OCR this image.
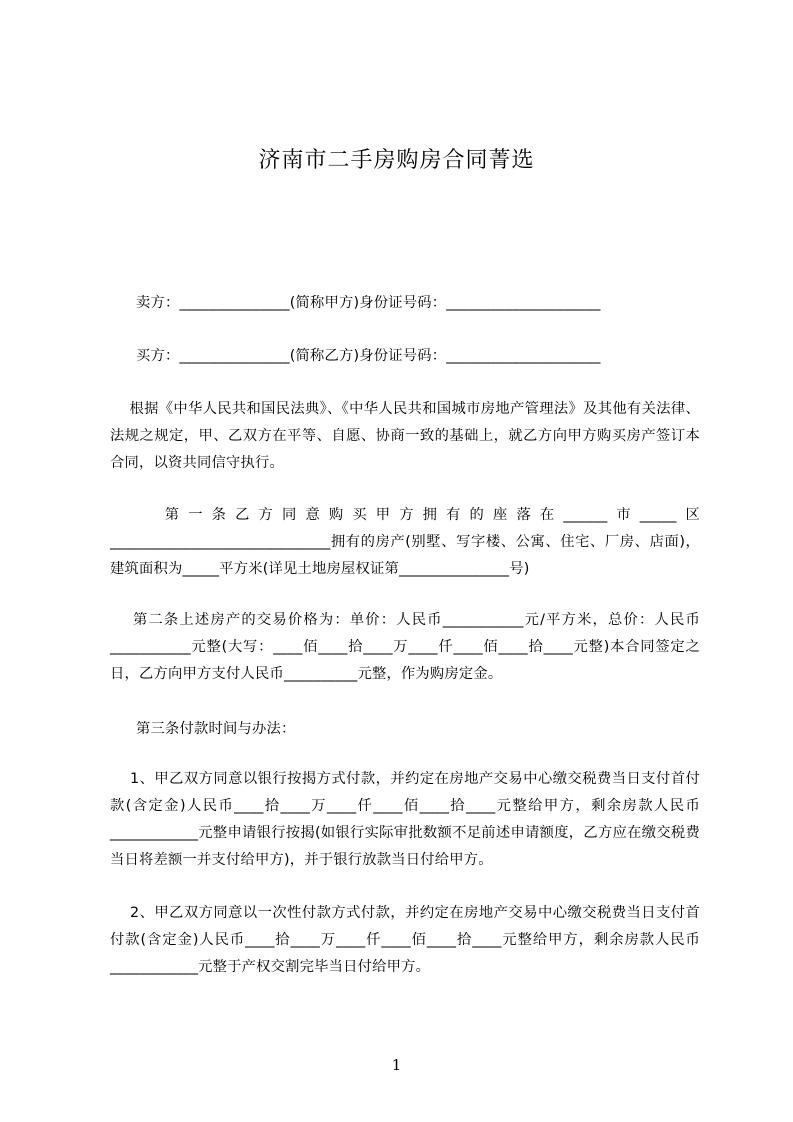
济南市二手房购房合同菁选
卖方：_______________(简称甲方)身份证号码：_____________________
买方：_______________(简称乙方)身份证号码：_____________________
根据《中华人民共和国民法典》、《中华人民共和国城市房地产管理法》及其他有关法律、法规之规定，甲、乙双方在平等、自愿、协商一致的基础上，就乙方向甲方购买房产签订本合同，以资共同信守执行。
第一条乙方同意购买甲方拥有的座落在______市_____区______________________________拥有的房产(别墅、写字楼、公寓、住宅、厂房、店面)，建筑面积为_____平方米(详见土地房屋权证第_______________号)
第二条上述房产的交易价格为：单价：人民币___________元/平方米，总价：人民币___________元整(大写：____佰____拾____万____仟____佰____拾____元整)本合同签定之日，乙方向甲方支付人民币__________元整，作为购房定金。
第三条付款时间与办法：
1、甲乙双方同意以银行按揭方式付款，并约定在房地产交易中心缴交税费当日支付首付款(含定金)人民币____拾____万____仟____佰____拾____元整给甲方，剩余房款人民币____________元整申请银行按揭(如银行实际审批数额不足前述申请额度，乙方应在缴交税费当日将差额一并支付给甲方)，并于银行放款当日付给甲方。
2、甲乙双方同意以一次性付款方式付款，并约定在房地产交易中心缴交税费当日支付首付款(含定金)人民币____拾____万____仟____佰____拾____元整给甲方，剩余房款人民币____________元整于产权交割完毕当日付给甲方。
1
